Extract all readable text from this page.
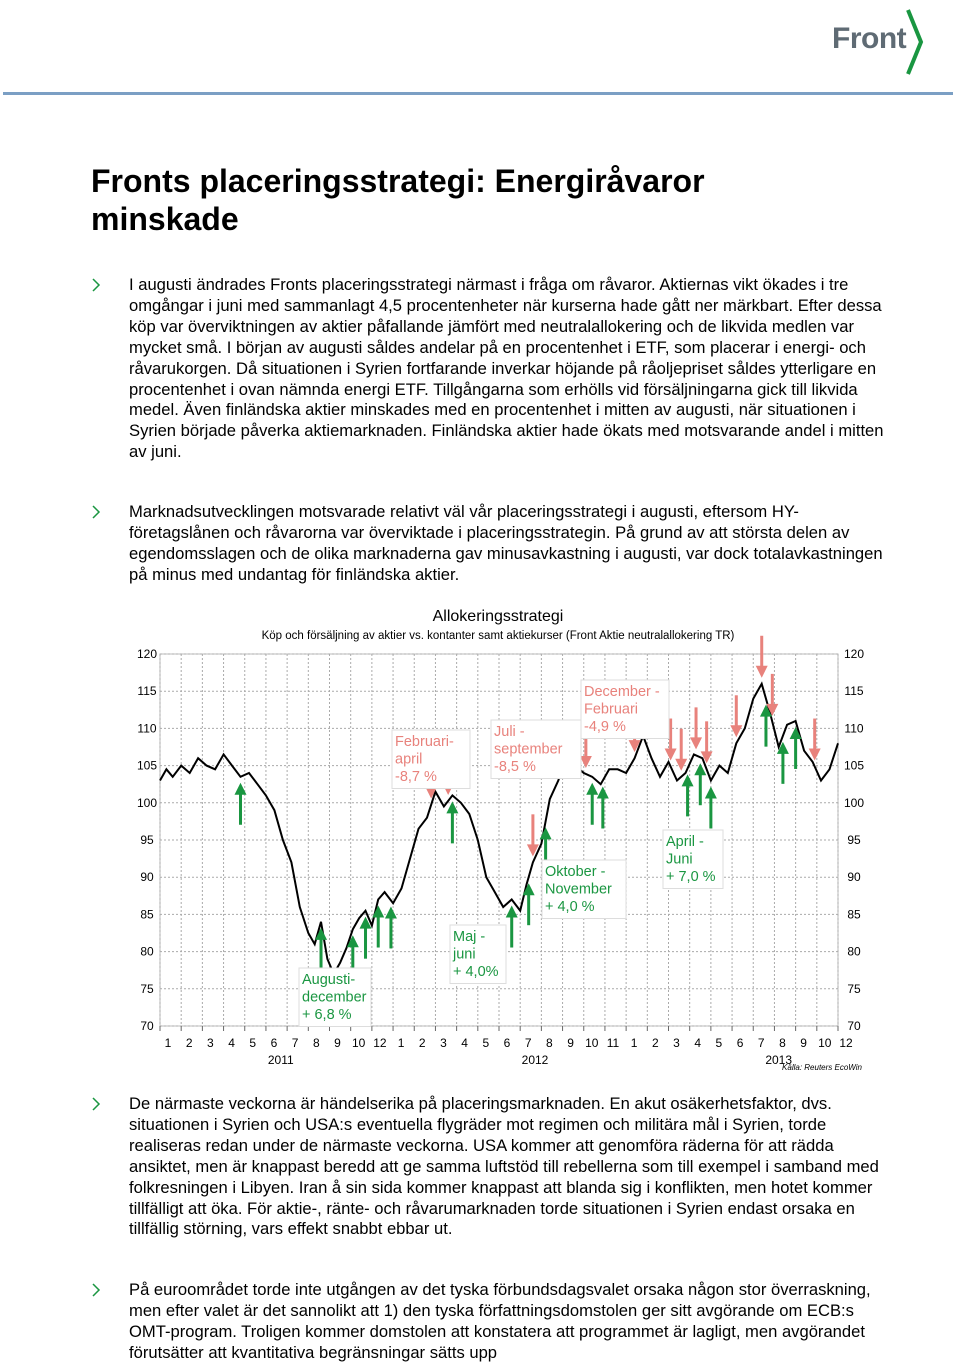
Front
Fronts placeringsstrategi: Energiråvaror minskade

I augusti ändrades Fronts placeringsstrategi närmast i fråga om råvaror. Aktiernas vikt ökades i tre omgångar i juni med sammanlagt 4,5 procentenheter när kurserna hade gått ner märkbart. Efter dessa köp var överviktningen av aktier påfallande jämfört med neutralallokering och de likvida medlen var mycket små. I början av augusti såldes andelar på en procentenhet i ETF, som placerar i energi- och råvarukorgen. Då situationen i Syrien fortfarande inverkar höjande på råoljepriset såldes ytterligare en procentenhet i ovan nämnda energi ETF. Tillgångarna som erhölls vid försäljningarna gick till likvida medel. Även finländska aktier minskades med en procentenhet i mitten av augusti, när situationen i Syrien började påverka aktiemarknaden. Finländska aktier hade ökats med motsvarande andel i mitten av juni.

Marknadsutvecklingen motsvarade relativt väl vår placeringsstrategi i augusti, eftersom HY-företagslånen och råvarorna var överviktade i placeringsstrategin. På grund av att största delen av egendomsslagen och de olika marknaderna gav minusavkastning i augusti, var dock totalavkastningen på minus med undantag för finländska aktier.

Allokeringsstrategi
Köp och försäljning av aktier vs. kontanter samt aktiekurser (Front Aktie neutralallokering TR)
70	70
75	75
80	80
85	85
90	90
95	95
100	100
105	105
110	110
115	115
120	120
1 2 3 4 5 6 7 8 9 10 12 1 2 3 4 5 6 7 8 9 10 11 1 2 3 4 5 6 7 8 9 10 12
2011	2012	2013
Februari-
april
-8,7 %
Juli -
september
-8,5 %
December -
Februari
-4,9 %
Oktober -
November
+ 4,0 %
April -
Juni
+ 7,0 %
Maj -
juni
+ 4,0%
Augusti-
december
+ 6,8 %
Källa: Reuters EcoWin

De närmaste veckorna är händelserika på placeringsmarknaden. En akut osäkerhetsfaktor, dvs. situationen i Syrien och USA:s eventuella flygräder mot regimen och militära mål i Syrien, torde realiseras redan under de närmaste veckorna. USA kommer att genomföra räderna för att rädda ansiktet, men är knappast beredd att ge samma luftstöd till rebellerna som till exempel i samband med folkresningen i Libyen. Iran å sin sida kommer knappast att blanda sig i konflikten, men hotet kommer tillfälligt att öka. För aktie-, ränte- och råvarumarknaden torde situationen i Syrien endast orsaka en tillfällig störning, vars effekt snabbt ebbar ut.

På euroområdet torde inte utgången av det tyska förbundsdagsvalet orsaka någon stor överraskning, men efter valet är det sannolikt att 1) den tyska författningsdomstolen ger sitt avgörande om ECB:s OMT-program. Troligen kommer domstolen att konstatera att programmet är lagligt, men avgörandet förutsätter att kvantitativa begränsningar sätts upp
